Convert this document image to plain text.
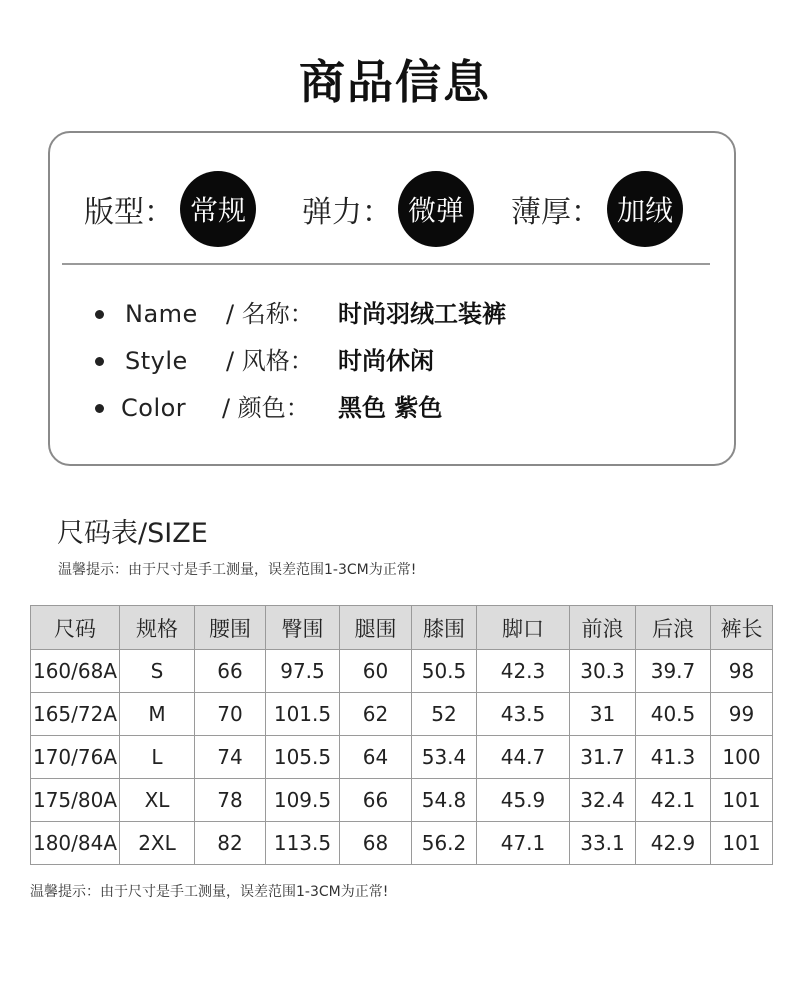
商品信息
版型： 常规	弹力： 微弹	薄厚： 加绒
Name / 名称： 时尚羽绒工装裤
Style / 风格： 时尚休闲
Color / 颜色： 黑色 紫色
尺码表/SIZE
温馨提示：由于尺寸是手工测量，误差范围1-3CM为正常!
尺码	规格	腰围	臀围	腿围	膝围	脚口	前浪	后浪	裤长
160/68A	S	66	97.5	60	50.5	42.3	30.3	39.7	98
165/72A	M	70	101.5	62	52	43.5	31	40.5	99
170/76A	L	74	105.5	64	53.4	44.7	31.7	41.3	100
175/80A	XL	78	109.5	66	54.8	45.9	32.4	42.1	101
180/84A	2XL	82	113.5	68	56.2	47.1	33.1	42.9	101
温馨提示：由于尺寸是手工测量，误差范围1-3CM为正常!
